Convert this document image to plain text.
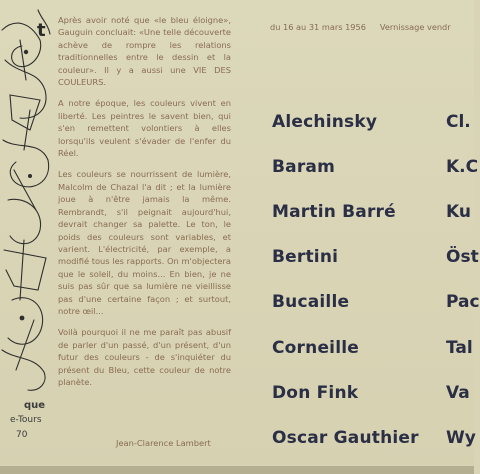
t
que
e-Tours
70

Après avoir noté que «le bleu éloigne», Gauguin concluait: «Une telle découverte achève de rompre les relations traditionnelles entre le dessin et la couleur». Il y a aussi une VIE DES COULEURS.

A notre époque, les couleurs vivent en liberté. Les peintres le savent bien, qui s'en remettent volontiers à elles lorsqu'ils veulent s'évader de l'enfer du Réel.

Les couleurs se nourrissent de lumière, Malcolm de Chazal l'a dit ; et la lumière joue à n'être jamais la même. Rembrandt, s'il peignait aujourd'hui, devrait changer sa palette. Le ton, le poids des couleurs sont variables, et varient. L'électricité, par exemple, a modifié tous les rapports. On m'objectera que le soleil, du moins... En bien, je ne suis pas sûr que sa lumière ne vieillisse pas d'une certaine façon ; et surtout, notre œil...

Voilà pourquoi il ne me paraît pas abusif de parler d'un passé, d'un présent, d'un futur des couleurs - de s'inquiéter du présent du Bleu, cette couleur de notre planète.

Jean-Clarence Lambert
du 16 au 31 mars 1956 Vernissage vendr
Alechinsky
Baram
Martin Barré
Bertini
Bucaille
Corneille
Don Fink
Oscar Gauthier
Cl.
K.C
Ku
Öst
Pac
Tal
Va
Wy
